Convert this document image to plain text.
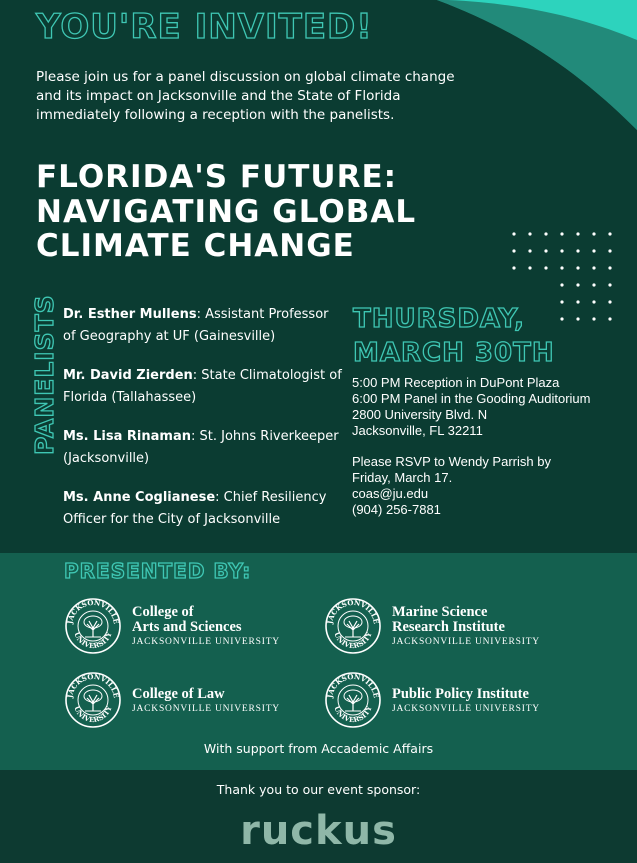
YOU'RE INVITED!

Please join us for a panel discussion on global climate change and its impact on Jacksonville and the State of Florida immediately following a reception with the panelists.

FLORIDA'S FUTURE:
NAVIGATING GLOBAL
CLIMATE CHANGE
PANELISTS Dr. Esther Mullens: Assistant Professor of Geography at UF (Gainesville)
Mr. David Zierden: State Climatologist of Florida (Tallahassee)
Ms. Lisa Rinaman: St. Johns Riverkeeper (Jacksonville)
Ms. Anne Coglianese: Chief Resiliency Officer for the City of Jacksonville
THURSDAY,
MARCH 30TH
5:00 PM Reception in DuPont Plaza
6:00 PM Panel in the Gooding Auditorium
2800 University Blvd. N
Jacksonville, FL 32211
Please RSVP to Wendy Parrish by
Friday, March 17.
coas@ju.edu
(904) 256-7881
PRESENTED BY:
College of
Arts and Sciences
JACKSONVILLE UNIVERSITY
Marine Science
Research Institute
JACKSONVILLE UNIVERSITY
College of Law
JACKSONVILLE UNIVERSITY
Public Policy Institute
JACKSONVILLE UNIVERSITY
With support from Accademic Affairs
Thank you to our event sponsor:
ruckus
